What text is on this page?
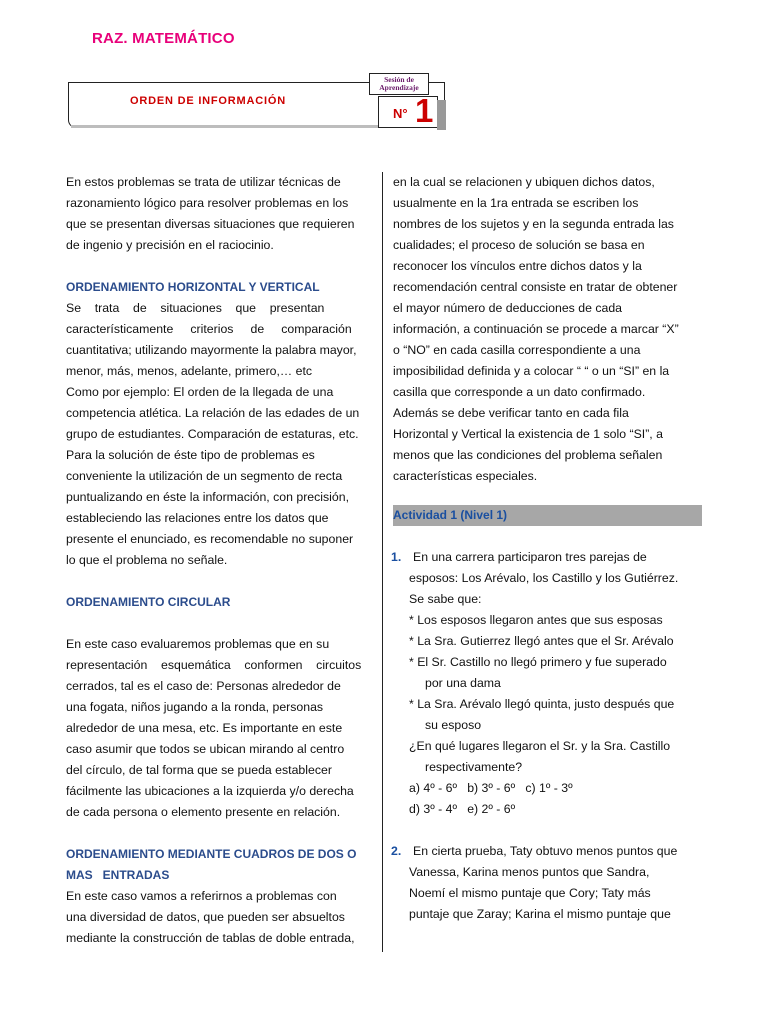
RAZ. MATEMÁTICO
ORDEN DE INFORMACIÓN
Sesión de
Aprendizaje
N° 1

En estos problemas se trata de utilizar técnicas de

razonamiento lógico para resolver problemas en los

que se presentan diversas situaciones que requieren

de ingenio y precisión en el raciocinio.

ORDENAMIENTO HORIZONTAL Y VERTICAL

Se    trata    de    situaciones    que    presentan

característicamente     criterios     de     comparación

cuantitativa; utilizando mayormente la palabra mayor,

menor, más, menos, adelante, primero,… etc

Como por ejemplo: El orden de la llegada de una

competencia atlética. La relación de las edades de un

grupo de estudiantes. Comparación de estaturas, etc.

Para la solución de éste tipo de problemas es

conveniente la utilización de un segmento de recta

puntualizando en éste la información, con precisión,

estableciendo las relaciones entre los datos que

presente el enunciado, es recomendable no suponer

lo que el problema no señale.

ORDENAMIENTO CIRCULAR

En este caso evaluaremos problemas que en su

representación    esquemática    conformen    circuitos

cerrados, tal es el caso de: Personas alrededor de

una fogata, niños jugando a la ronda, personas

alrededor de una mesa, etc. Es importante en este

caso asumir que todos se ubican mirando al centro

del círculo, de tal forma que se pueda establecer

fácilmente las ubicaciones a la izquierda y/o derecha

de cada persona o elemento presente en relación.

ORDENAMIENTO MEDIANTE CUADROS DE DOS O

MAS   ENTRADAS

En este caso vamos a referirnos a problemas con

una diversidad de datos, que pueden ser absueltos

mediante la construcción de tablas de doble entrada,

en la cual se relacionen y ubiquen dichos datos,

usualmente en la 1ra entrada se escriben los

nombres de los sujetos y en la segunda entrada las

cualidades; el proceso de solución se basa en

reconocer los vínculos entre dichos datos y la

recomendación central consiste en tratar de obtener

el mayor número de deducciones de cada

información, a continuación se procede a marcar “X”

o “NO” en cada casilla correspondiente a una

imposibilidad definida y a colocar “ “ o un “SI” en la

casilla que corresponde a un dato confirmado.

Además se debe verificar tanto en cada fila

Horizontal y Vertical la existencia de 1 solo “SI”, a

menos que las condiciones del problema señalen

características especiales.

Actividad 1 (Nivel 1)

1. En una carrera participaron tres parejas de

esposos: Los Arévalo, los Castillo y los Gutiérrez.

Se sabe que:

* Los esposos llegaron antes que sus esposas

* La Sra. Gutierrez llegó antes que el Sr. Arévalo

* El Sr. Castillo no llegó primero y fue superado

por una dama

* La Sra. Arévalo llegó quinta, justo después que

su esposo

¿En qué lugares llegaron el Sr. y la Sra. Castillo

respectivamente?

a) 4º - 6º   b) 3º - 6º   c) 1º - 3º

d) 3º - 4º   e) 2º - 6º

2. En cierta prueba, Taty obtuvo menos puntos que

Vanessa, Karina menos puntos que Sandra,

Noemí el mismo puntaje que Cory; Taty más

puntaje que Zaray; Karina el mismo puntaje que
